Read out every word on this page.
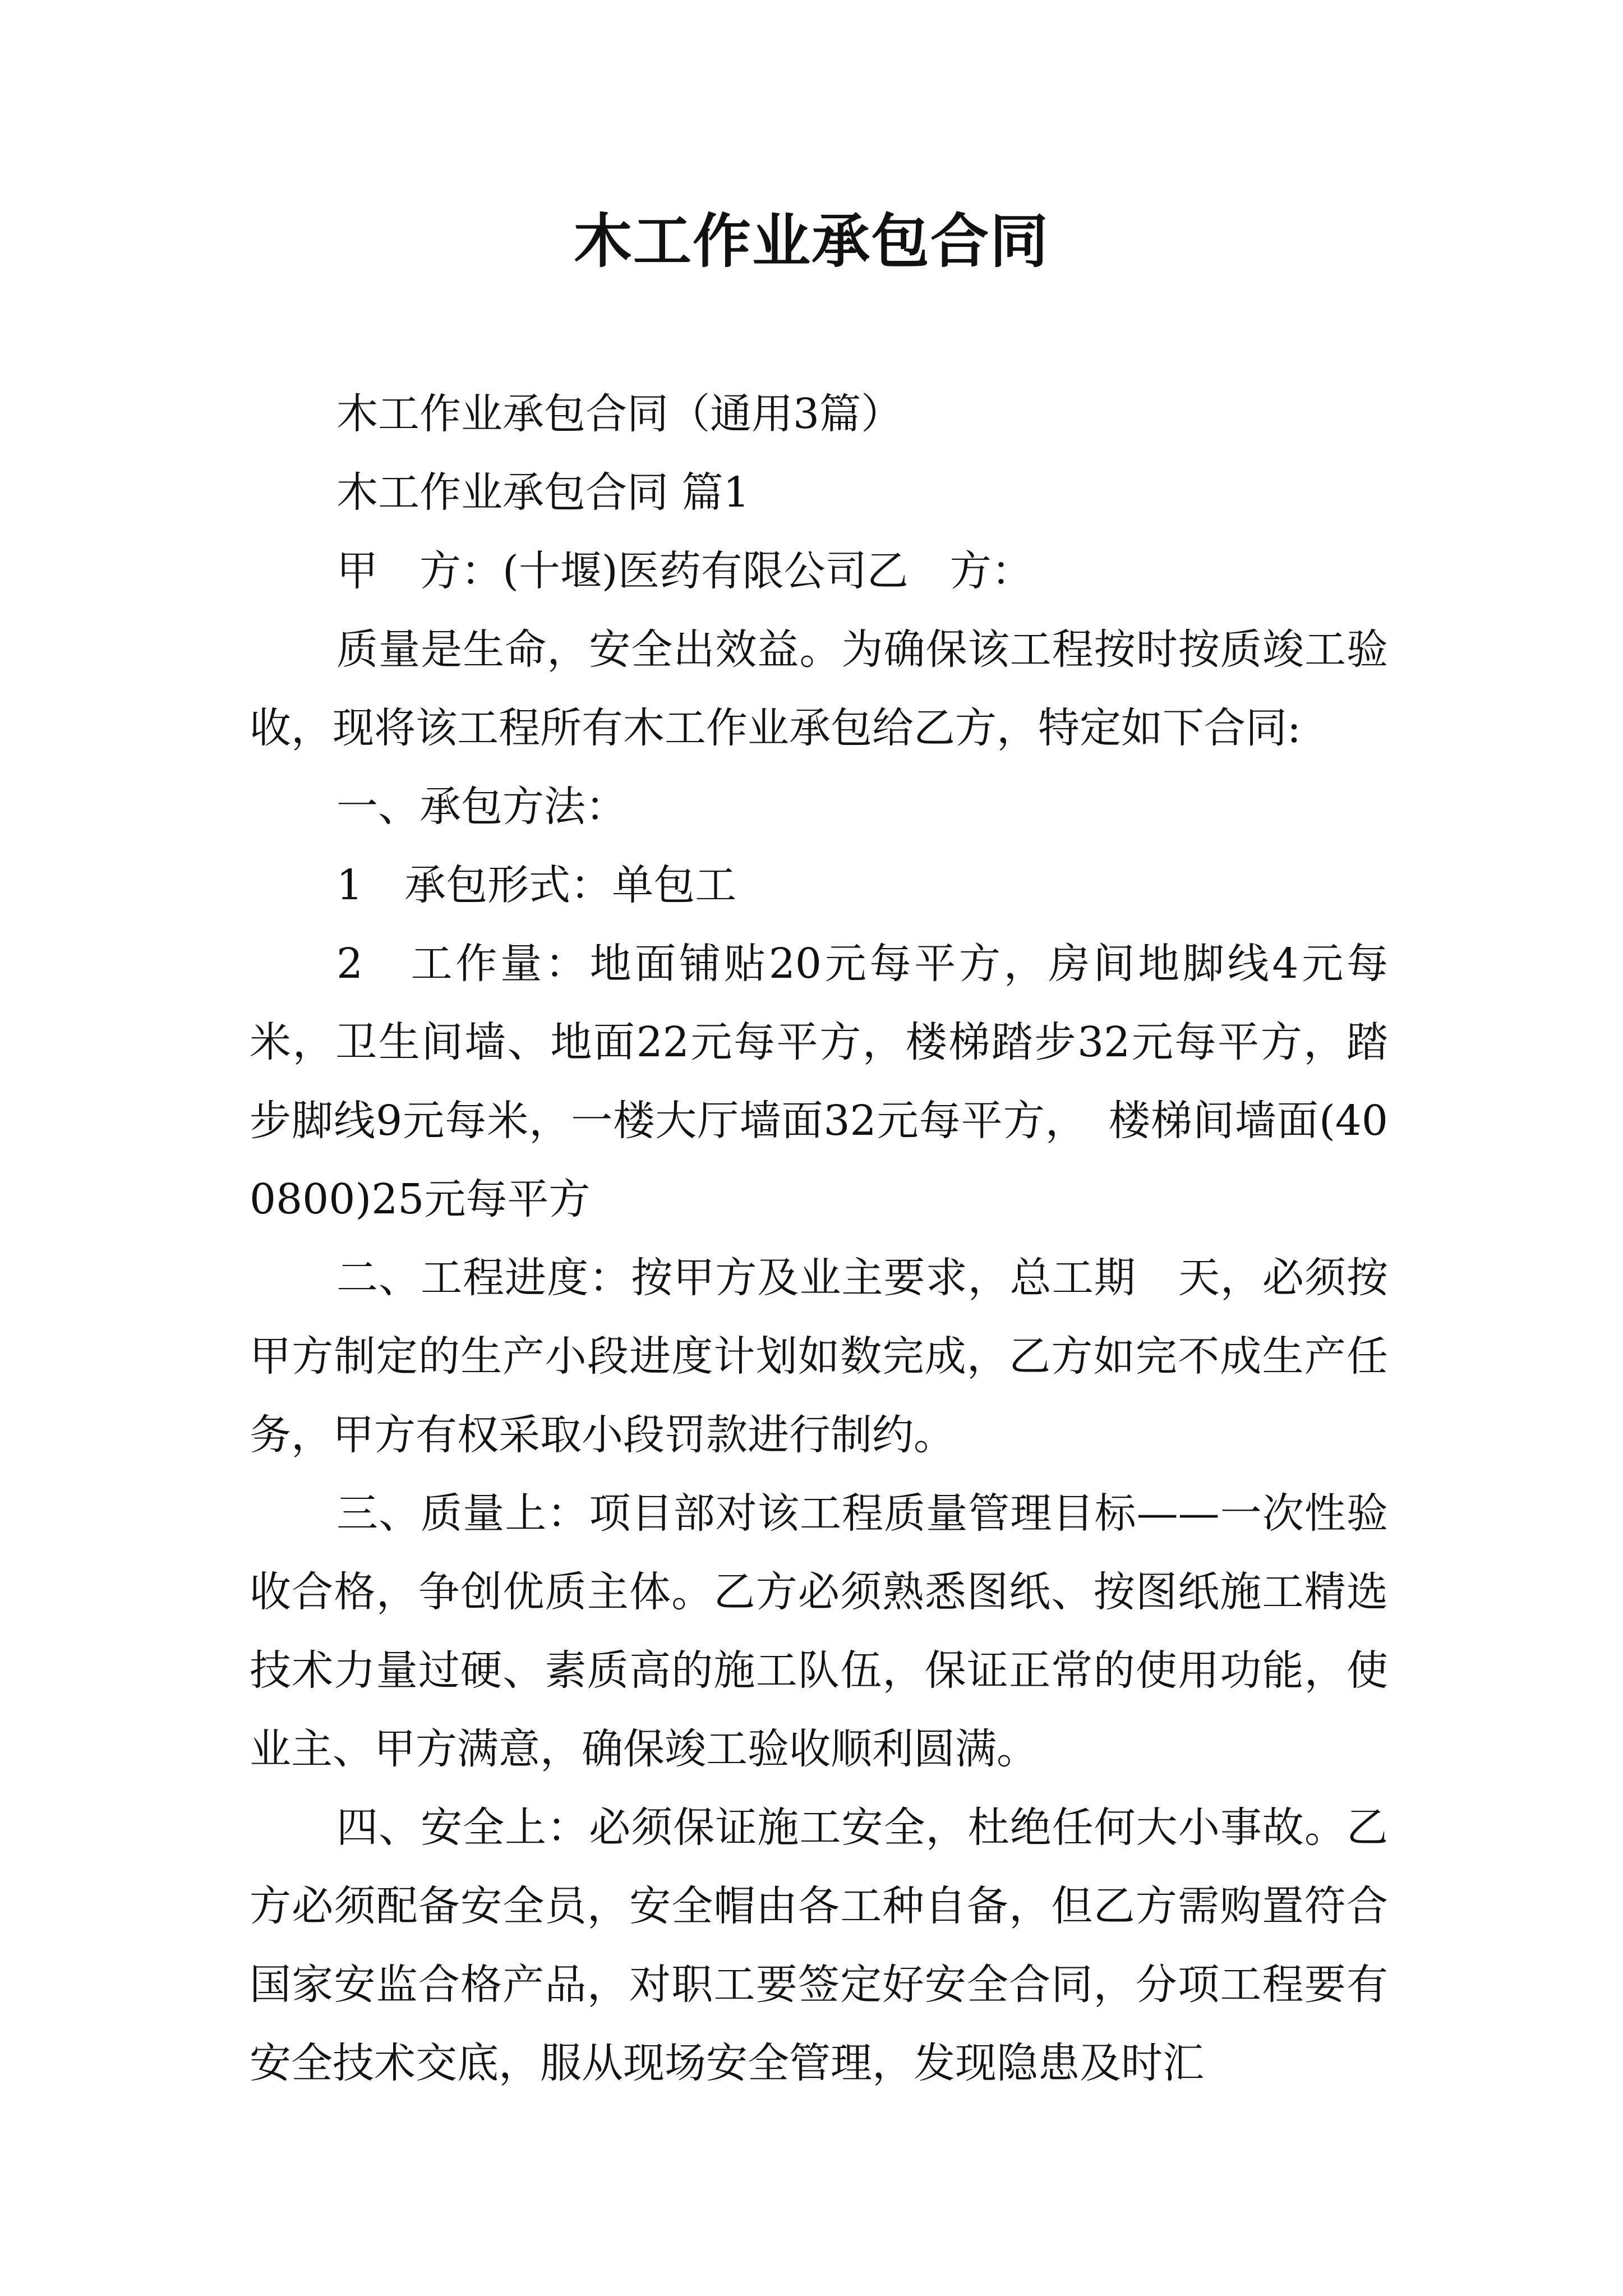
木工作业承包合同

木工作业承包合同（通用3篇）

木工作业承包合同 篇1

甲　方：(十堰)医药有限公司乙　方：

质量是生命，安全出效益。为确保该工程按时按质竣工验收，现将该工程所有木工作业承包给乙方，特定如下合同:

一、承包方法：

1　承包形式：单包工

2　工作量：地面铺贴20元每平方，房间地脚线4元每米，卫生间墙、地面22元每平方，楼梯踏步32元每平方，踏步脚线9元每米，一楼大厅墙面32元每平方，　楼梯间墙面(400800)25元每平方

二、工程进度：按甲方及业主要求，总工期　天，必须按甲方制定的生产小段进度计划如数完成，乙方如完不成生产任务，甲方有权采取小段罚款进行制约。

三、质量上：项目部对该工程质量管理目标——一次性验收合格，争创优质主体。乙方必须熟悉图纸、按图纸施工精选技术力量过硬、素质高的施工队伍，保证正常的使用功能，使业主、甲方满意，确保竣工验收顺利圆满。

四、安全上：必须保证施工安全，杜绝任何大小事故。乙方必须配备安全员，安全帽由各工种自备，但乙方需购置符合国家安监合格产品，对职工要签定好安全合同，分项工程要有安全技术交底，服从现场安全管理，发现隐患及时汇
